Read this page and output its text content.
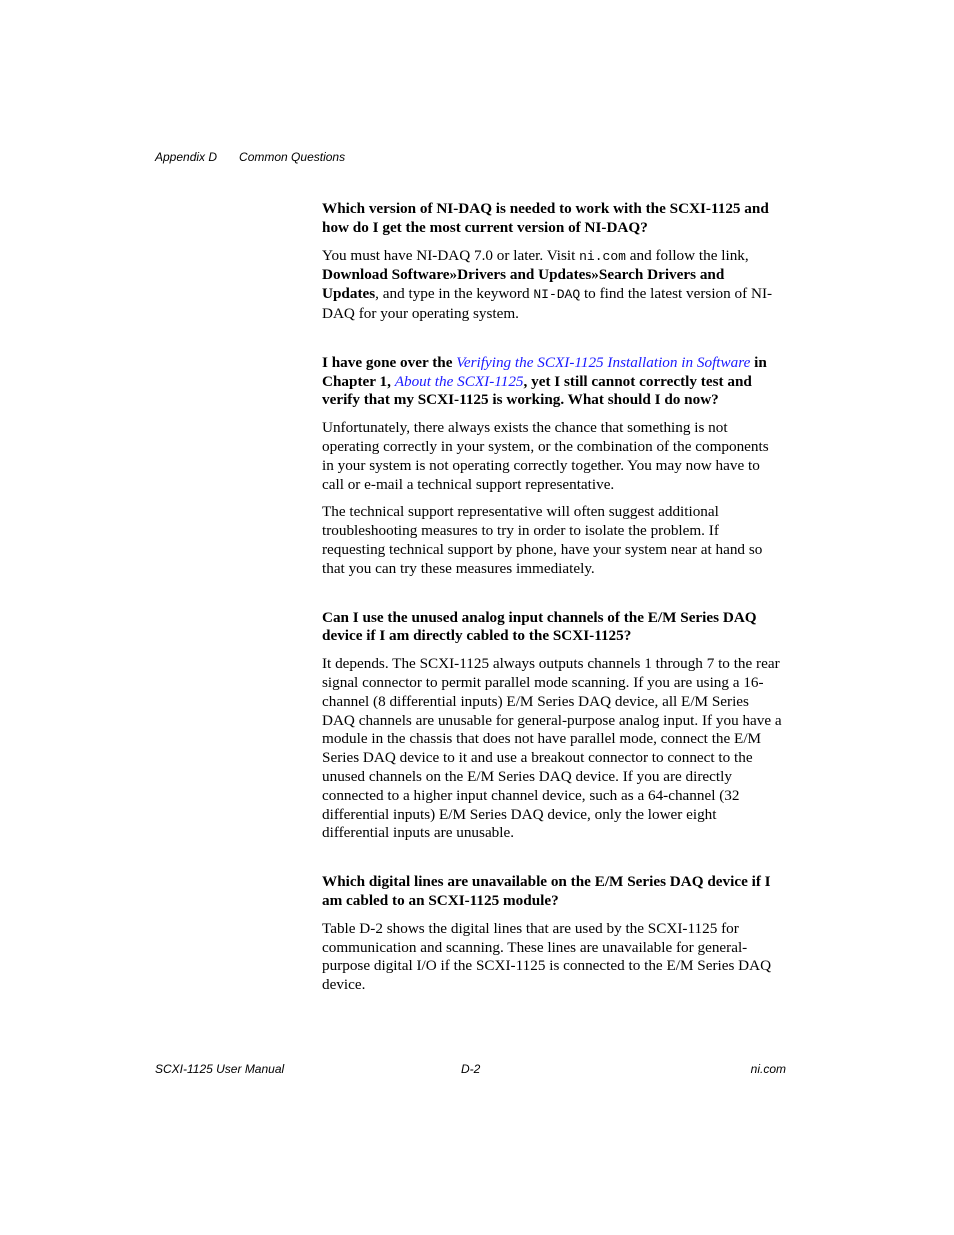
Appendix D Common Questions

Which version of NI-DAQ is needed to work with the SCXI-1125 and how do I get the most current version of NI-DAQ?

You must have NI-DAQ 7.0 or later. Visit ni.com and follow the link, Download Software»Drivers and Updates»Search Drivers and Updates, and type in the keyword NI-DAQ to find the latest version of NI-DAQ for your operating system.

I have gone over the Verifying the SCXI-1125 Installation in Software in Chapter 1, About the SCXI-1125, yet I still cannot correctly test and verify that my SCXI-1125 is working. What should I do now?

Unfortunately, there always exists the chance that something is not operating correctly in your system, or the combination of the components in your system is not operating correctly together. You may now have to call or e-mail a technical support representative.

The technical support representative will often suggest additional troubleshooting measures to try in order to isolate the problem. If requesting technical support by phone, have your system near at hand so that you can try these measures immediately.

Can I use the unused analog input channels of the E/M Series DAQ device if I am directly cabled to the SCXI-1125?

It depends. The SCXI-1125 always outputs channels 1 through 7 to the rear signal connector to permit parallel mode scanning. If you are using a 16-channel (8 differential inputs) E/M Series DAQ device, all E/M Series DAQ channels are unusable for general-purpose analog input. If you have a module in the chassis that does not have parallel mode, connect the E/M Series DAQ device to it and use a breakout connector to connect to the unused channels on the E/M Series DAQ device. If you are directly connected to a higher input channel device, such as a 64-channel (32 differential inputs) E/M Series DAQ device, only the lower eight differential inputs are unusable.

Which digital lines are unavailable on the E/M Series DAQ device if I am cabled to an SCXI-1125 module?

Table D-2 shows the digital lines that are used by the SCXI-1125 for communication and scanning. These lines are unavailable for general-purpose digital I/O if the SCXI-1125 is connected to the E/M Series DAQ device.

SCXI-1125 User Manual	D-2	ni.com
